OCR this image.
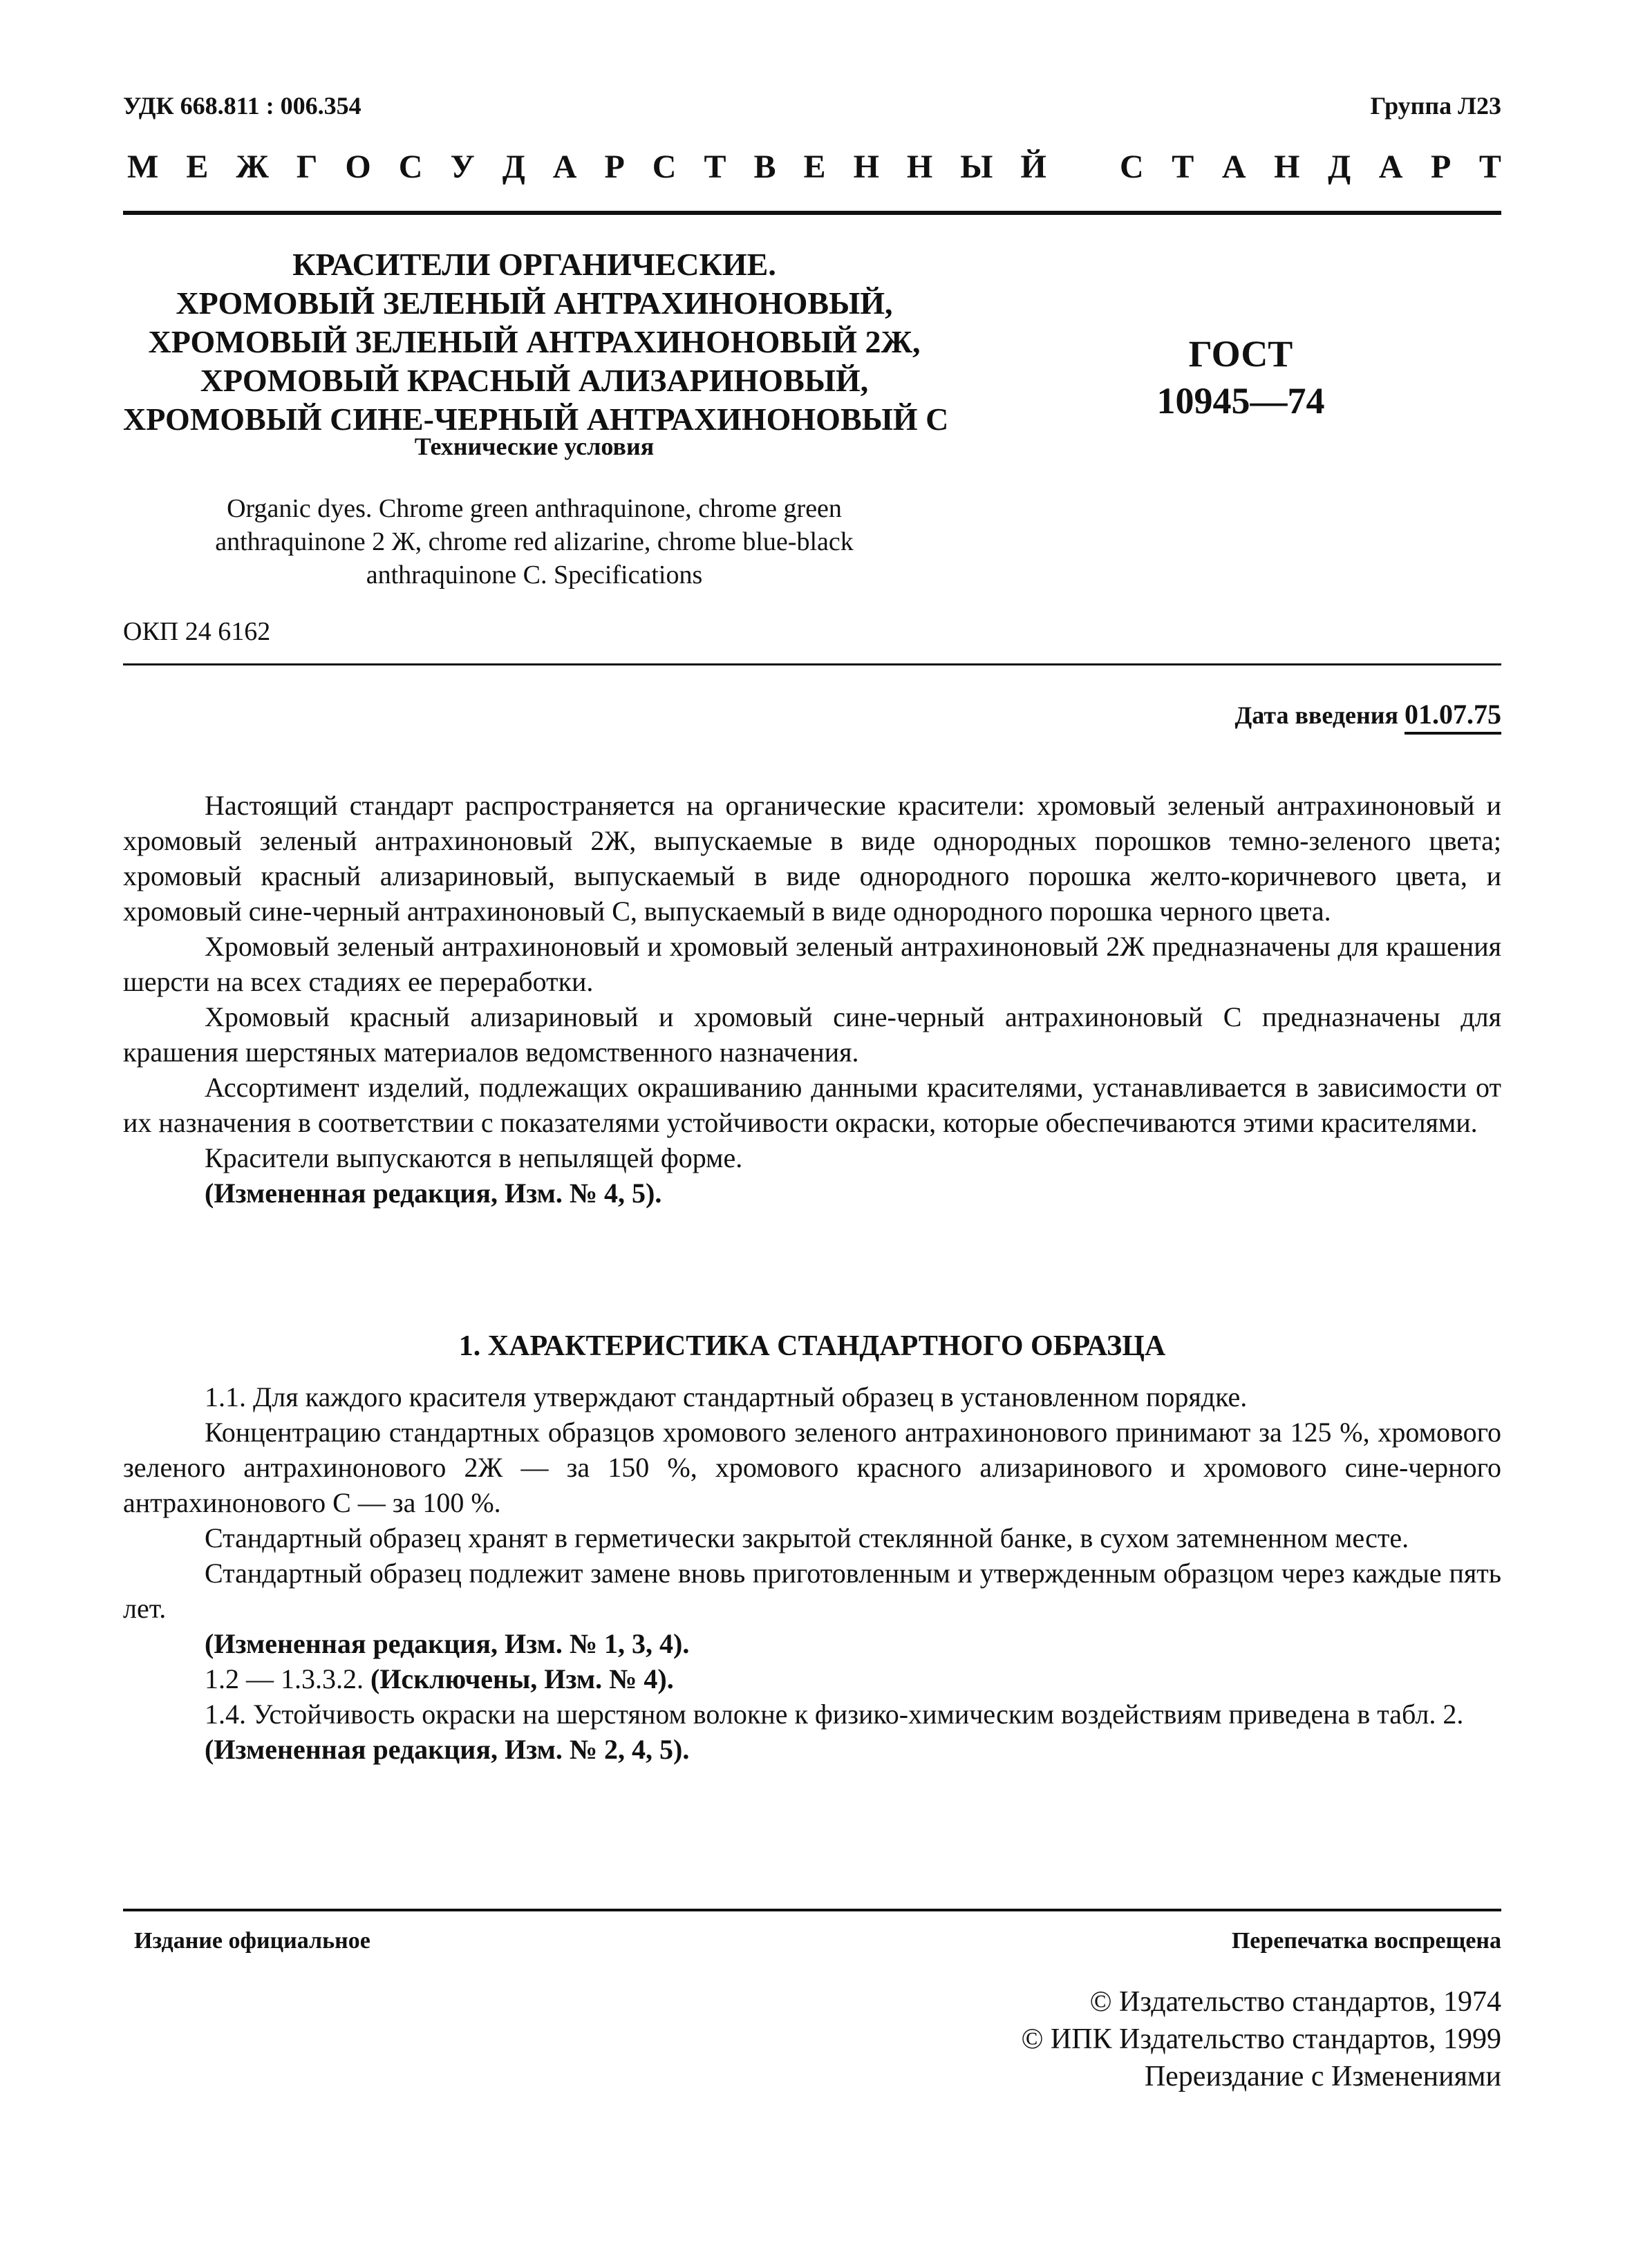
УДК 668.811 : 006.354	Группа Л23
М Е Ж Г О С У Д А Р С Т В Е Н Н Ы Й С Т А Н Д А Р Т
КРАСИТЕЛИ ОРГАНИЧЕСКИЕ.
ХРОМОВЫЙ ЗЕЛЕНЫЙ АНТРАХИНОНОВЫЙ,
ХРОМОВЫЙ ЗЕЛЕНЫЙ АНТРАХИНОНОВЫЙ 2Ж,
ХРОМОВЫЙ КРАСНЫЙ АЛИЗАРИНОВЫЙ,
ХРОМОВЫЙ СИНЕ-ЧЕРНЫЙ АНТРАХИНОНОВЫЙ С
ГОСТ
10945—74
Технические условия
Organic dyes. Chrome green anthraquinone, chrome green
anthraquinone 2 Ж, chrome red alizarine, chrome blue-black
anthraquinone С. Specifications
ОКП 24 6162
Дата введения 01.07.75

Настоящий стандарт распространяется на органические красители: хромовый зеленый антрахиноновый и хромовый зеленый антрахиноновый 2Ж, выпускаемые в виде однородных порошков темно-зеленого цвета; хромовый красный ализариновый, выпускаемый в виде однородного порошка желто-коричневого цвета, и хромовый сине-черный антрахиноновый С, выпускаемый в виде однородного порошка черного цвета.

Хромовый зеленый антрахиноновый и хромовый зеленый антрахиноновый 2Ж предназначены для крашения шерсти на всех стадиях ее переработки.

Хромовый красный ализариновый и хромовый сине-черный антрахиноновый С предназначены для крашения шерстяных материалов ведомственного назначения.

Ассортимент изделий, подлежащих окрашиванию данными красителями, устанавливается в зависимости от их назначения в соответствии с показателями устойчивости окраски, которые обеспечиваются этими красителями.

Красители выпускаются в непылящей форме.

(Измененная редакция, Изм. № 4, 5).

1. ХАРАКТЕРИСТИКА СТАНДАРТНОГО ОБРАЗЦА

1.1. Для каждого красителя утверждают стандартный образец в установленном порядке.

Концентрацию стандартных образцов хромового зеленого антрахинонового принимают за 125 %, хромового зеленого антрахинонового 2Ж — за 150 %, хромового красного ализаринового и хромового сине-черного антрахинонового С — за 100 %.

Стандартный образец хранят в герметически закрытой стеклянной банке, в сухом затемненном месте.

Стандартный образец подлежит замене вновь приготовленным и утвержденным образцом через каждые пять лет.

(Измененная редакция, Изм. № 1, 3, 4).

1.2 — 1.3.3.2. (Исключены, Изм. № 4).

1.4. Устойчивость окраски на шерстяном волокне к физико-химическим воздействиям приведена в табл. 2.

(Измененная редакция, Изм. № 2, 4, 5).

Издание официальное	Перепечатка воспрещена
© Издательство стандартов, 1974
© ИПК Издательство стандартов, 1999
Переиздание с Изменениями
